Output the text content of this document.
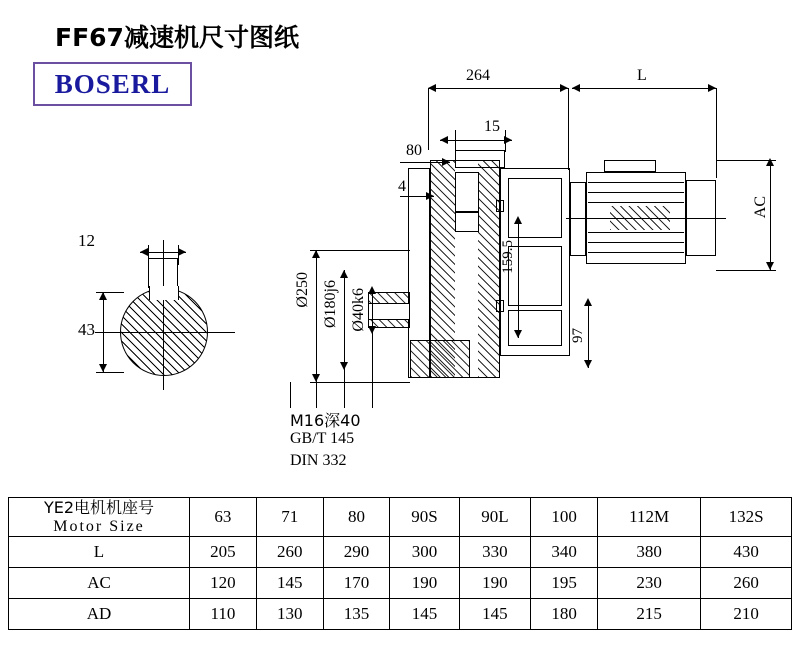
FF67减速机尺寸图纸
BOSERL
12
43
264	L
15
80
4
Ø250 Ø180j6 Ø40k6
159.5
97
AC
M16深40
GB/T 145
DIN 332
YE2电机机座号
Motor Size	63	71	80	90S	90L	100	112M	132S
L	205	260	290	300	330	340	380	430
AC	120	145	170	190	190	195	230	260
AD	110	130	135	145	145	180	215	210
